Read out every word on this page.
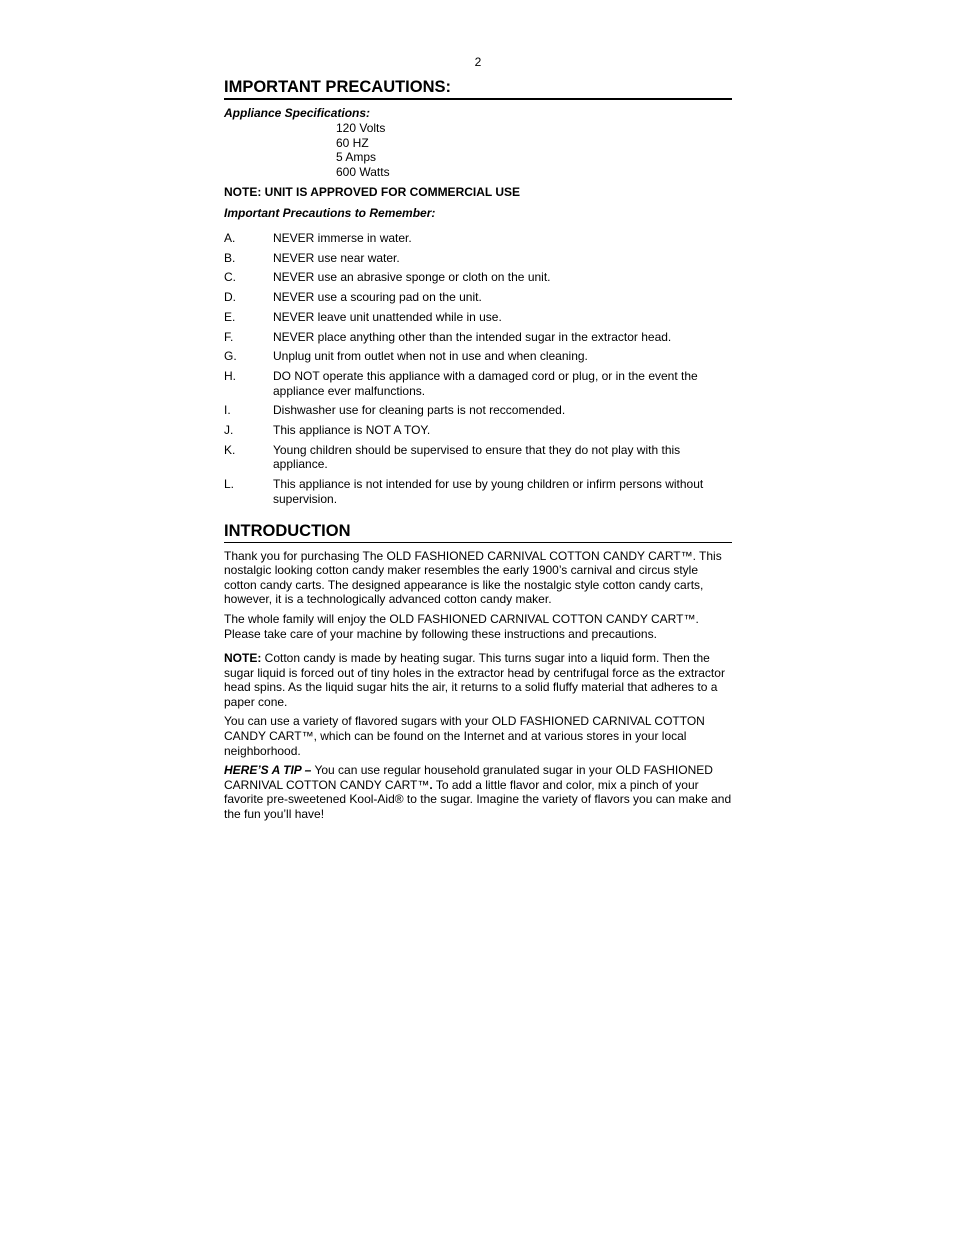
2
IMPORTANT PRECAUTIONS:
Appliance Specifications:
120 Volts
60 HZ
5 Amps
600 Watts
NOTE: UNIT IS APPROVED FOR COMMERCIAL USE
Important Precautions to Remember:
A.	NEVER immerse in water.
B.	NEVER use near water.
C.	NEVER use an abrasive sponge or cloth on the unit.
D.	NEVER use a scouring pad on the unit.
E.	NEVER leave unit unattended while in use.
F.	NEVER place anything other than the intended sugar in the extractor head.
G.	Unplug unit from outlet when not in use and when cleaning.
H.	DO NOT operate this appliance with a damaged cord or plug, or in the event the appliance ever malfunctions.
I.	Dishwasher use for cleaning parts is not reccomended.
J.	This appliance is NOT A TOY.
K.	Young children should be supervised to ensure that they do not play with this appliance.
L.	This appliance is not intended for use by young children or infirm persons without supervision.
INTRODUCTION

Thank you for purchasing The OLD FASHIONED CARNIVAL COTTON CANDY CART™. This nostalgic looking cotton candy maker resembles the early 1900’s carnival and circus style cotton candy carts. The designed appearance is like the nostalgic style cotton candy carts, however, it is a technologically advanced cotton candy maker.

The whole family will enjoy the OLD FASHIONED CARNIVAL COTTON CANDY CART™. Please take care of your machine by following these instructions and precautions.

NOTE: Cotton candy is made by heating sugar. This turns sugar into a liquid form. Then the sugar liquid is forced out of tiny holes in the extractor head by centrifugal force as the extractor head spins. As the liquid sugar hits the air, it returns to a solid fluffy material that adheres to a paper cone.

You can use a variety of flavored sugars with your OLD FASHIONED CARNIVAL COTTON CANDY CART™, which can be found on the Internet and at various stores in your local neighborhood.

HERE’S A TIP – You can use regular household granulated sugar in your OLD FASHIONED CARNIVAL COTTON CANDY CART™. To add a little flavor and color, mix a pinch of your favorite pre-sweetened Kool-Aid® to the sugar. Imagine the variety of flavors you can make and the fun you’ll have!
